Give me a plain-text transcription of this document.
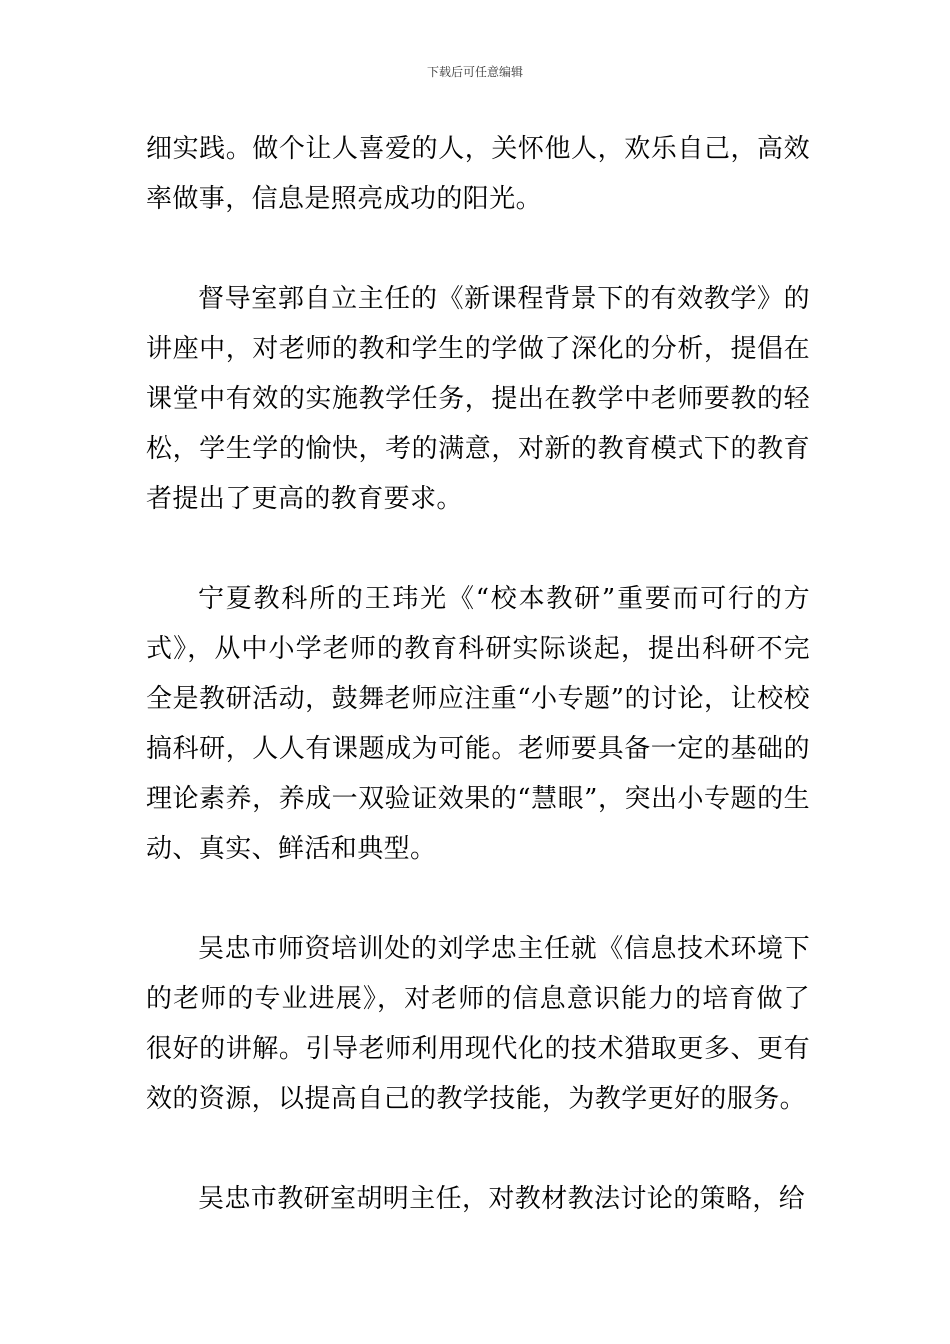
下载后可任意编辑

细实践。做个让人喜爱的人，关怀他人，欢乐自己，高效率做事，信息是照亮成功的阳光。

督导室郭自立主任的《新课程背景下的有效教学》的讲座中，对老师的教和学生的学做了深化的分析，提倡在课堂中有效的实施教学任务，提出在教学中老师要教的轻松，学生学的愉快，考的满意，对新的教育模式下的教育者提出了更高的教育要求。

宁夏教科所的王玮光《“校本教研”重要而可行的方式》，从中小学老师的教育科研实际谈起，提出科研不完全是教研活动，鼓舞老师应注重“小专题”的讨论，让校校搞科研，人人有课题成为可能。老师要具备一定的基础的理论素养，养成一双验证效果的“慧眼”，突出小专题的生动、真实、鲜活和典型。

吴忠市师资培训处的刘学忠主任就《信息技术环境下的老师的专业进展》，对老师的信息意识能力的培育做了很好的讲解。引导老师利用现代化的技术猎取更多、更有效的资源，以提高自己的教学技能，为教学更好的服务。

吴忠市教研室胡明主任，对教材教法讨论的策略，给
